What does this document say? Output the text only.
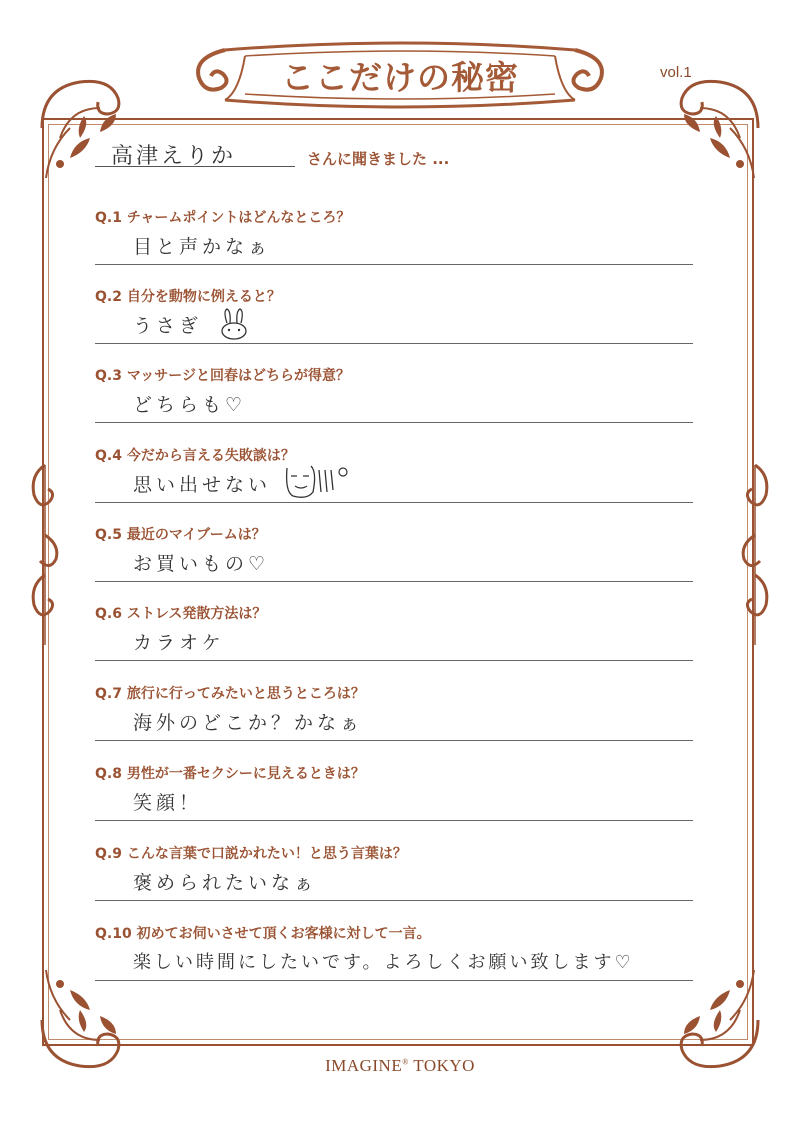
ここだけの秘密	vol.1
高津えりか	さんに聞きました ...
Q.1 チャームポイントはどんなところ？
目と声かなぁ
Q.2 自分を動物に例えると？
うさぎ
Q.3 マッサージと回春はどちらが得意？
どちらも♡
Q.4 今だから言える失敗談は？
思い出せない
Q.5 最近のマイブームは？
お買いもの♡
Q.6 ストレス発散方法は？
カラオケ
Q.7 旅行に行ってみたいと思うところは？
海外のどこか？かなぁ
Q.8 男性が一番セクシーに見えるときは？
笑顔！
Q.9 こんな言葉で口説かれたい！と思う言葉は？
褒められたいなぁ
Q.10 初めてお伺いさせて頂くお客様に対して一言。
楽しい時間にしたいです。よろしくお願い致します♡
IMAGINE® TOKYO
